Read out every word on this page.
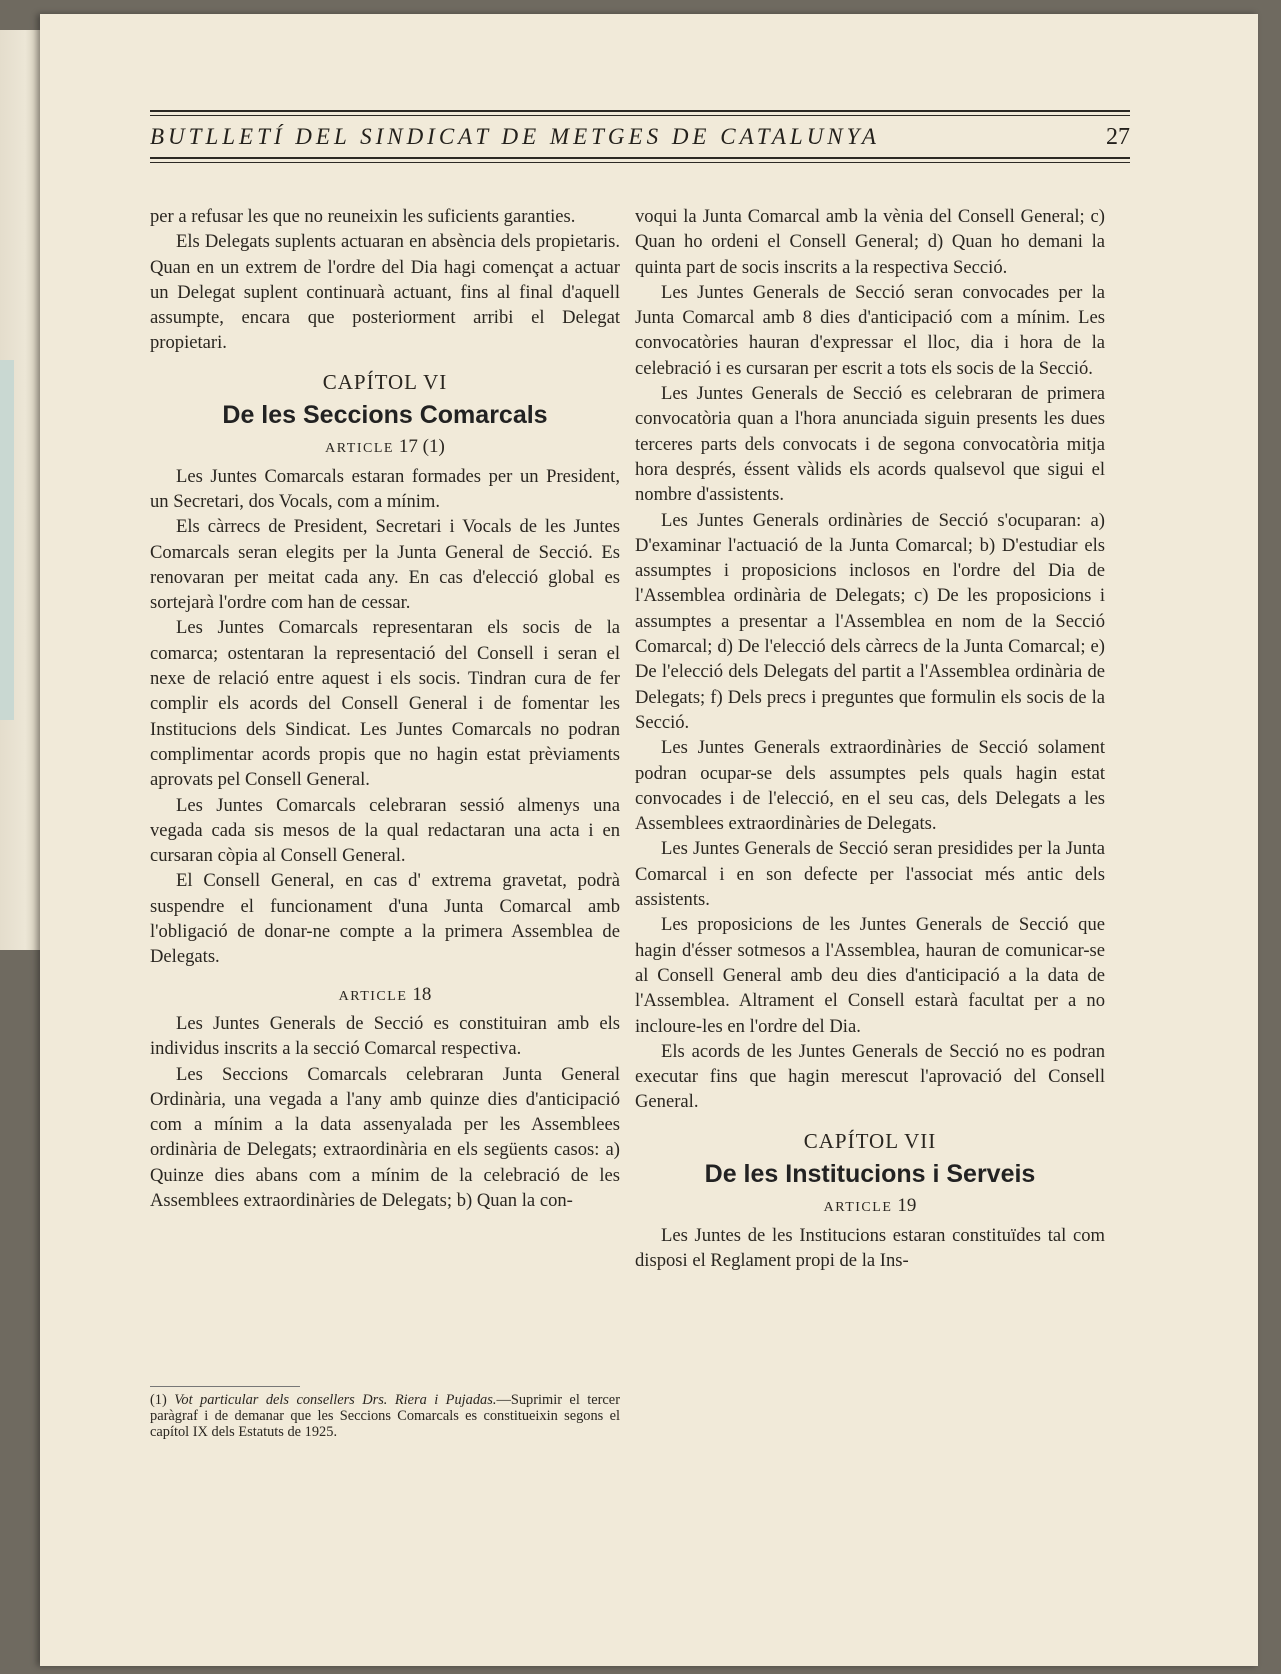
BUTLLETÍ DEL SINDICAT DE METGES DE CATALUNYA	27

per a refusar les que no reuneixin les suficients garanties.

Els Delegats suplents actuaran en absència dels propietaris. Quan en un extrem de l'ordre del Dia hagi començat a actuar un Delegat suplent continuarà actuant, fins al final d'aquell assumpte, encara que posteriorment arribi el Delegat propietari.

CAPÍTOL VI
De les Seccions Comarcals
ARTICLE 17 (1)

Les Juntes Comarcals estaran formades per un President, un Secretari, dos Vocals, com a mínim.

Els càrrecs de President, Secretari i Vocals de les Juntes Comarcals seran elegits per la Junta General de Secció. Es renovaran per meitat cada any. En cas d'elecció global es sortejarà l'ordre com han de cessar.

Les Juntes Comarcals representaran els socis de la comarca; ostentaran la representació del Consell i seran el nexe de relació entre aquest i els socis. Tindran cura de fer complir els acords del Consell General i de fomentar les Institucions dels Sindicat. Les Juntes Comarcals no podran complimentar acords propis que no hagin estat prèviaments aprovats pel Consell General.

Les Juntes Comarcals celebraran sessió almenys una vegada cada sis mesos de la qual redactaran una acta i en cursaran còpia al Consell General.

El Consell General, en cas d' extrema gravetat, podrà suspendre el funcionament d'una Junta Comarcal amb l'obligació de donar-ne compte a la primera Assemblea de Delegats.

ARTICLE 18

Les Juntes Generals de Secció es constituiran amb els individus inscrits a la secció Comarcal respectiva.

Les Seccions Comarcals celebraran Junta General Ordinària, una vegada a l'any amb quinze dies d'anticipació com a mínim a la data assenyalada per les Assemblees ordinària de Delegats; extraordinària en els següents casos: a) Quinze dies abans com a mínim de la celebració de les Assemblees extraordinàries de Delegats; b) Quan la con-

(1) Vot particular dels consellers Drs. Riera i Pujadas.—Suprimir el tercer paràgraf i de demanar que les Seccions Comarcals es constitueixin segons el capítol IX dels Estatuts de 1925.

voqui la Junta Comarcal amb la vènia del Consell General; c) Quan ho ordeni el Consell General; d) Quan ho demani la quinta part de socis inscrits a la respectiva Secció.

Les Juntes Generals de Secció seran convocades per la Junta Comarcal amb 8 dies d'anticipació com a mínim. Les convocatòries hauran d'expressar el lloc, dia i hora de la celebració i es cursaran per escrit a tots els socis de la Secció.

Les Juntes Generals de Secció es celebraran de primera convocatòria quan a l'hora anunciada siguin presents les dues terceres parts dels convocats i de segona convocatòria mitja hora després, éssent vàlids els acords qualsevol que sigui el nombre d'assistents.

Les Juntes Generals ordinàries de Secció s'ocuparan: a) D'examinar l'actuació de la Junta Comarcal; b) D'estudiar els assumptes i proposicions inclosos en l'ordre del Dia de l'Assemblea ordinària de Delegats; c) De les proposicions i assumptes a presentar a l'Assemblea en nom de la Secció Comarcal; d) De l'elecció dels càrrecs de la Junta Comarcal; e) De l'elecció dels Delegats del partit a l'Assemblea ordinària de Delegats; f) Dels precs i preguntes que formulin els socis de la Secció.

Les Juntes Generals extraordinàries de Secció solament podran ocupar-se dels assumptes pels quals hagin estat convocades i de l'elecció, en el seu cas, dels Delegats a les Assemblees extraordinàries de Delegats.

Les Juntes Generals de Secció seran presidides per la Junta Comarcal i en son defecte per l'associat més antic dels assistents.

Les proposicions de les Juntes Generals de Secció que hagin d'ésser sotmesos a l'Assemblea, hauran de comunicar-se al Consell General amb deu dies d'anticipació a la data de l'Assemblea. Altrament el Consell estarà facultat per a no incloure-les en l'ordre del Dia.

Els acords de les Juntes Generals de Secció no es podran executar fins que hagin merescut l'aprovació del Consell General.

CAPÍTOL VII
De les Institucions i Serveis
ARTICLE 19

Les Juntes de les Institucions estaran constituïdes tal com disposi el Reglament propi de la Ins-
